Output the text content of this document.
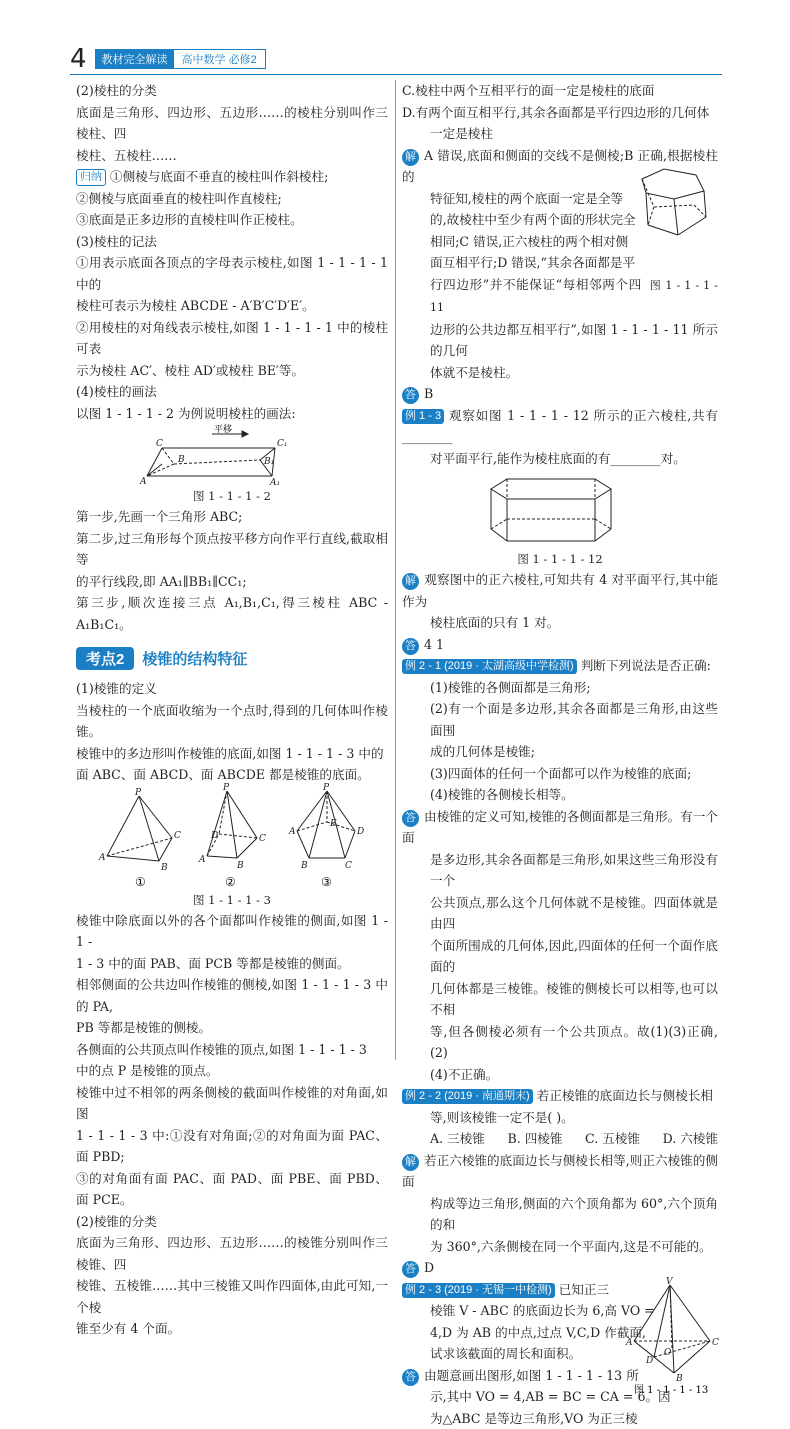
4	教材完全解读	高中数学 必修2

(2)棱柱的分类

底面是三角形、四边形、五边形……的棱柱分别叫作三棱柱、四

棱柱、五棱柱……

归纳 ①侧棱与底面不垂直的棱柱叫作斜棱柱;

②侧棱与底面垂直的棱柱叫作直棱柱;

③底面是正多边形的直棱柱叫作正棱柱。

(3)棱柱的记法

①用表示底面各顶点的字母表示棱柱,如图 1 - 1 - 1 - 1 中的

棱柱可表示为棱柱 ABCDE - A′B′C′D′E′。

②用棱柱的对角线表示棱柱,如图 1 - 1 - 1 - 1 中的棱柱可表

示为棱柱 AC′、棱柱 AD′或棱柱 BE′等。

(4)棱柱的画法

以图 1 - 1 - 1 - 2 为例说明棱柱的画法:

平移
C	C₁
B	B₁
A	A₁

图 1 - 1 - 1 - 2

第一步,先画一个三角形 ABC;

第二步,过三角形每个顶点按平移方向作平行直线,截取相等

的平行线段,即 AA₁∥BB₁∥CC₁;

第三步,顺次连接三点 A₁,B₁,C₁,得三棱柱 ABC - A₁B₁C₁。

考点2	棱锥的结构特征

(1)棱锥的定义

当棱柱的一个底面收缩为一个点时,得到的几何体叫作棱锥。

棱锥中的多边形叫作棱锥的底面,如图 1 - 1 - 1 - 3 中的

面 ABC、面 ABCD、面 ABCDE 都是棱锥的底面。

P
A
B
C
P
A
B
C
D
P
A
B	C
D
E
①	②	③

图 1 - 1 - 1 - 3

棱锥中除底面以外的各个面都叫作棱锥的侧面,如图 1 - 1 -

1 - 3 中的面 PAB、面 PCB 等都是棱锥的侧面。

相邻侧面的公共边叫作棱锥的侧棱,如图 1 - 1 - 1 - 3 中的 PA,

PB 等都是棱锥的侧棱。

各侧面的公共顶点叫作棱锥的顶点,如图 1 - 1 - 1 - 3

中的点 P 是棱锥的顶点。

棱锥中过不相邻的两条侧棱的截面叫作棱锥的对角面,如图

1 - 1 - 1 - 3 中:①没有对角面;②的对角面为面 PAC、面 PBD;

③的对角面有面 PAC、面 PAD、面 PBE、面 PBD、面 PCE。

(2)棱锥的分类

底面为三角形、四边形、五边形……的棱锥分别叫作三棱锥、四

棱锥、五棱锥……其中三棱锥又叫作四面体,由此可知,一个棱

锥至少有 4 个面。

C.棱柱中两个互相平行的面一定是棱柱的底面

D.有两个面互相平行,其余各面都是平行四边形的几何体

一定是棱柱

解 A 错误,底面和侧面的交线不是侧棱;B 正确,根据棱柱的

特征知,棱柱的两个底面一定是全等

的,故棱柱中至少有两个面的形状完全

相同;C 错误,正六棱柱的两个相对侧

面互相平行;D 错误,“其余各面都是平

行四边形”并不能保证“每相邻两个四 图 1 - 1 - 1 - 11

边形的公共边都互相平行”,如图 1 - 1 - 1 - 11 所示的几何

体就不是棱柱。

答 B

例 1 - 3 观察如图 1 - 1 - 1 - 12 所示的正六棱柱,共有________

对平面平行,能作为棱柱底面的有________对。

图 1 - 1 - 1 - 12

解 观察图中的正六棱柱,可知共有 4 对平面平行,其中能作为

棱柱底面的只有 1 对。

答 4 1

例 2 - 1 (2019 · 太湖高级中学检测) 判断下列说法是否正确:

(1)棱锥的各侧面都是三角形;

(2)有一个面是多边形,其余各面都是三角形,由这些面围

成的几何体是棱锥;

(3)四面体的任何一个面都可以作为棱锥的底面;

(4)棱锥的各侧棱长相等。

答 由棱锥的定义可知,棱锥的各侧面都是三角形。有一个面

是多边形,其余各面都是三角形,如果这些三角形没有一个

公共顶点,那么这个几何体就不是棱锥。四面体就是由四

个面所围成的几何体,因此,四面体的任何一个面作底面的

几何体都是三棱锥。棱锥的侧棱长可以相等,也可以不相

等,但各侧棱必须有一个公共顶点。故(1)(3)正确,(2)

(4)不正确。

例 2 - 2 (2019 · 南通期末) 若正棱锥的底面边长与侧棱长相

等,则该棱锥一定不是( )。

A. 三棱锥 B. 四棱锥 C. 五棱锥 D. 六棱锥

解 若正六棱锥的底面边长与侧棱长相等,则正六棱锥的侧面

构成等边三角形,侧面的六个顶角都为 60°,六个顶角的和

为 360°,六条侧棱在同一个平面内,这是不可能的。

答 D

V
A	C
B
D
O
图 1 - 1 - 1 - 13

例 2 - 3 (2019 · 无锡一中检测) 已知正三

棱锥 V - ABC 的底面边长为 6,高 VO =

4,D 为 AB 的中点,过点 V,C,D 作截面,

试求该截面的周长和面积。

答 由题意画出图形,如图 1 - 1 - 1 - 13 所

示,其中 VO = 4,AB = BC = CA = 6。因

为△ABC 是等边三角形,VO 为正三棱
